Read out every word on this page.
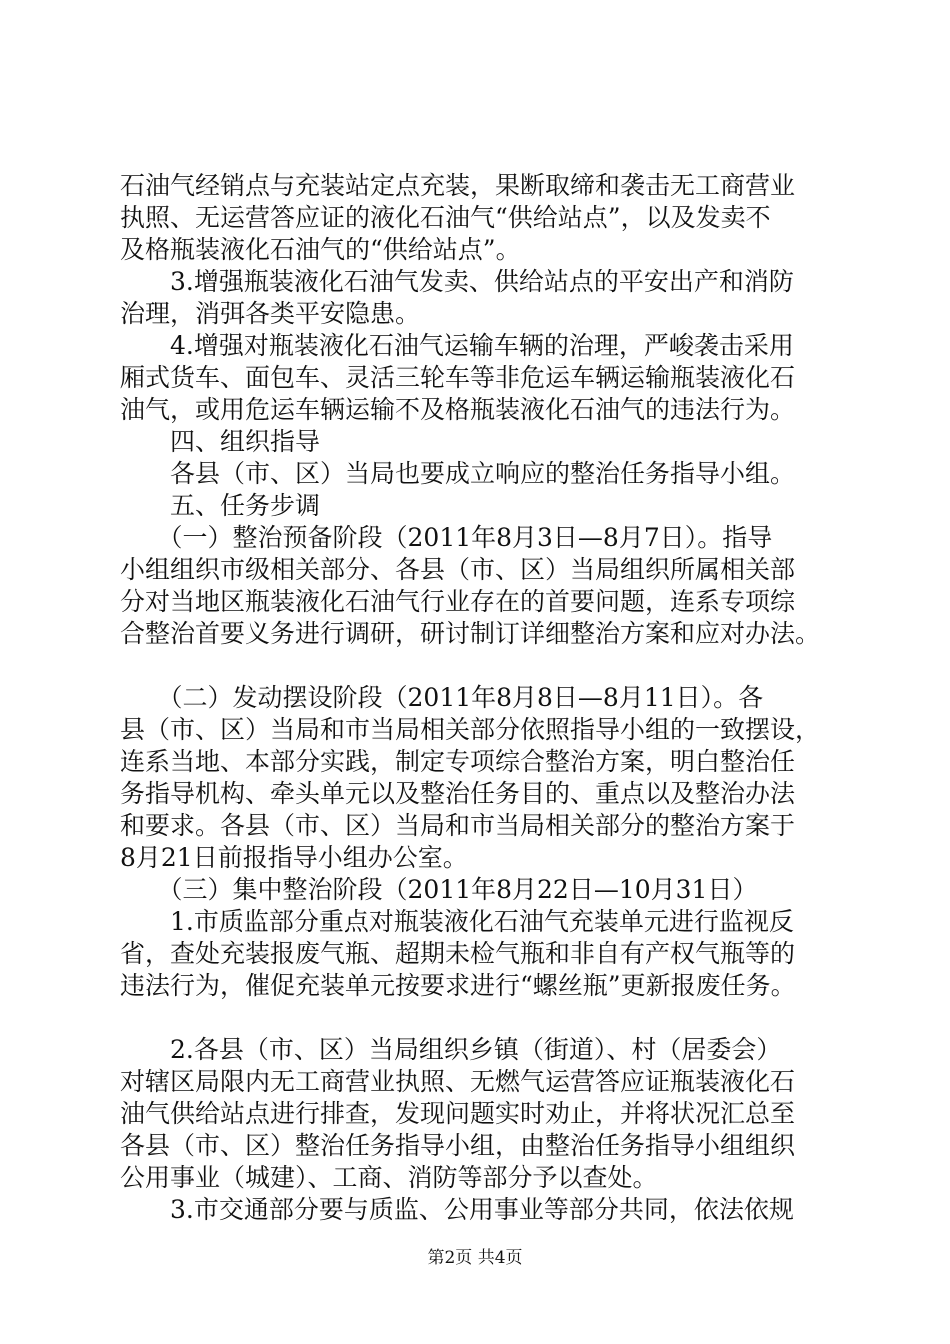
石油气经销点与充装站定点充装，果断取缔和袭击无工商营业
执照、无运营答应证的液化石油气“供给站点”，以及发卖不
及格瓶装液化石油气的“供给站点”。
　　3.增强瓶装液化石油气发卖、供给站点的平安出产和消防
治理，消弭各类平安隐患。
　　4.增强对瓶装液化石油气运输车辆的治理，严峻袭击采用
厢式货车、面包车、灵活三轮车等非危运车辆运输瓶装液化石
油气，或用危运车辆运输不及格瓶装液化石油气的违法行为。
　　四、组织指导
　　各县（市、区）当局也要成立响应的整治任务指导小组。
　　五、任务步调
　　（一）整治预备阶段（2011年8月3日—8月7日）。指导
小组组织市级相关部分、各县（市、区）当局组织所属相关部
分对当地区瓶装液化石油气行业存在的首要问题，连系专项综
合整治首要义务进行调研，研讨制订详细整治方案和应对办法。
　　（二）发动摆设阶段（2011年8月8日—8月11日）。各
县（市、区）当局和市当局相关部分依照指导小组的一致摆设，
连系当地、本部分实践，制定专项综合整治方案，明白整治任
务指导机构、牵头单元以及整治任务目的、重点以及整治办法
和要求。各县（市、区）当局和市当局相关部分的整治方案于
8月21日前报指导小组办公室。
　　（三）集中整治阶段（2011年8月22日—10月31日）
　　1.市质监部分重点对瓶装液化石油气充装单元进行监视反
省，查处充装报废气瓶、超期未检气瓶和非自有产权气瓶等的
违法行为，催促充装单元按要求进行“螺丝瓶”更新报废任务。
　　2.各县（市、区）当局组织乡镇（街道）、村（居委会）
对辖区局限内无工商营业执照、无燃气运营答应证瓶装液化石
油气供给站点进行排查，发现问题实时劝止，并将状况汇总至
各县（市、区）整治任务指导小组，由整治任务指导小组组织
公用事业（城建）、工商、消防等部分予以查处。
　　3.市交通部分要与质监、公用事业等部分共同，依法依规
第2页 共4页
